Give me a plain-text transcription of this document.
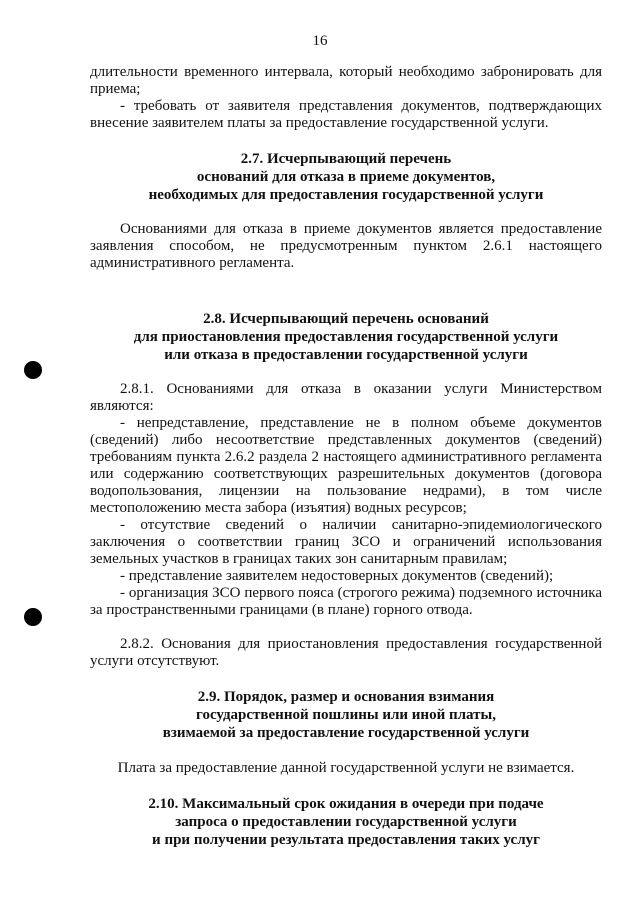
16

длительности временного интервала, который необходимо забронировать для приема;

- требовать от заявителя представления документов, подтверждающих внесение заявителем платы за предоставление государственной услуги.

2.7. Исчерпывающий перечень
оснований для отказа в приеме документов,
необходимых для предоставления государственной услуги

Основаниями для отказа в приеме документов является предоставление заявления способом, не предусмотренным пунктом 2.6.1 настоящего административного регламента.

2.8. Исчерпывающий перечень оснований
для приостановления предоставления государственной услуги
или отказа в предоставлении государственной услуги

2.8.1. Основаниями для отказа в оказании услуги Министерством являются:

- непредставление, представление не в полном объеме документов (сведений) либо несоответствие представленных документов (сведений) требованиям пункта 2.6.2 раздела 2 настоящего административного регламента или содержанию соответствующих разрешительных документов (договора водопользования, лицензии на пользование недрами), в том числе местоположению места забора (изъятия) водных ресурсов;

- отсутствие сведений о наличии санитарно-эпидемиологического заключения о соответствии границ ЗСО и ограничений использования земельных участков в границах таких зон санитарным правилам;

- представление заявителем недостоверных документов (сведений);

- организация ЗСО первого пояса (строгого режима) подземного источника за пространственными границами (в плане) горного отвода.

2.8.2. Основания для приостановления предоставления государственной услуги отсутствуют.

2.9. Порядок, размер и основания взимания
государственной пошлины или иной платы,
взимаемой за предоставление государственной услуги

Плата за предоставление данной государственной услуги не взимается.

2.10. Максимальный срок ожидания в очереди при подаче
запроса о предоставлении государственной услуги
и при получении результата предоставления таких услуг
